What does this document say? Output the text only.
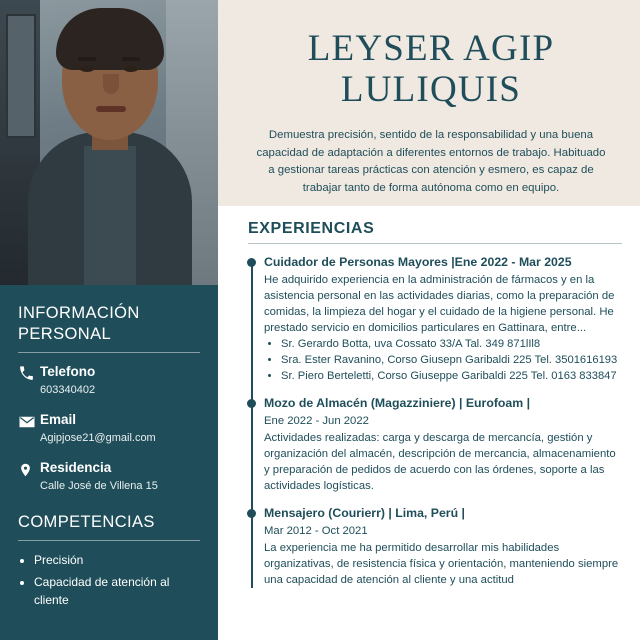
INFORMACIÓN
PERSONAL
Telefono
603340402
Email
Agipjose21@gmail.com
Residencia
Calle José de Villena 15
COMPETENCIAS
• Precisión
• Capacidad de atención al cliente
LEYSER AGIP
LULIQUIS
Demuestra precisión, sentido de la responsabilidad y una buena capacidad de adaptación a diferentes entornos de trabajo. Habituado a gestionar tareas prácticas con atención y esmero, es capaz de trabajar tanto de forma autónoma como en equipo.
EXPERIENCIAS
Cuidador de Personas Mayores |Ene 2022 - Mar 2025
He adquirido experiencia en la administración de fármacos y en la asistencia personal en las actividades diarias, como la preparación de comidas, la limpieza del hogar y el cuidado de la higiene personal. He prestado servicio en domicilios particulares en Gattinara, entre...
• Sr. Gerardo Botta, uva Cossato 33/A Tal. 349 871lIl8
• Sra. Ester Ravanino, Corso Giusepn Garibaldi 225 Tel. 3501616193
• Sr. Piero Berteletti, Corso Giuseppe Garibaldi 225 Tel. 0163 833847
Mozo de Almacén (Magazziniere) | Eurofoam |
Ene 2022 - Jun 2022
Actividades realizadas: carga y descarga de mercancía, gestión y organización del almacén, descripción de mercancia, almacenamiento y preparación de pedidos de acuerdo con las órdenes, soporte a las actividades logísticas.
Mensajero (Courierr) | Lima, Perú |
Mar 2012 - Oct 2021
La experiencia me ha permitido desarrollar mis habilidades organizativas, de resistencia física y orientación, manteniendo siempre una capacidad de atención al cliente y una actitud
